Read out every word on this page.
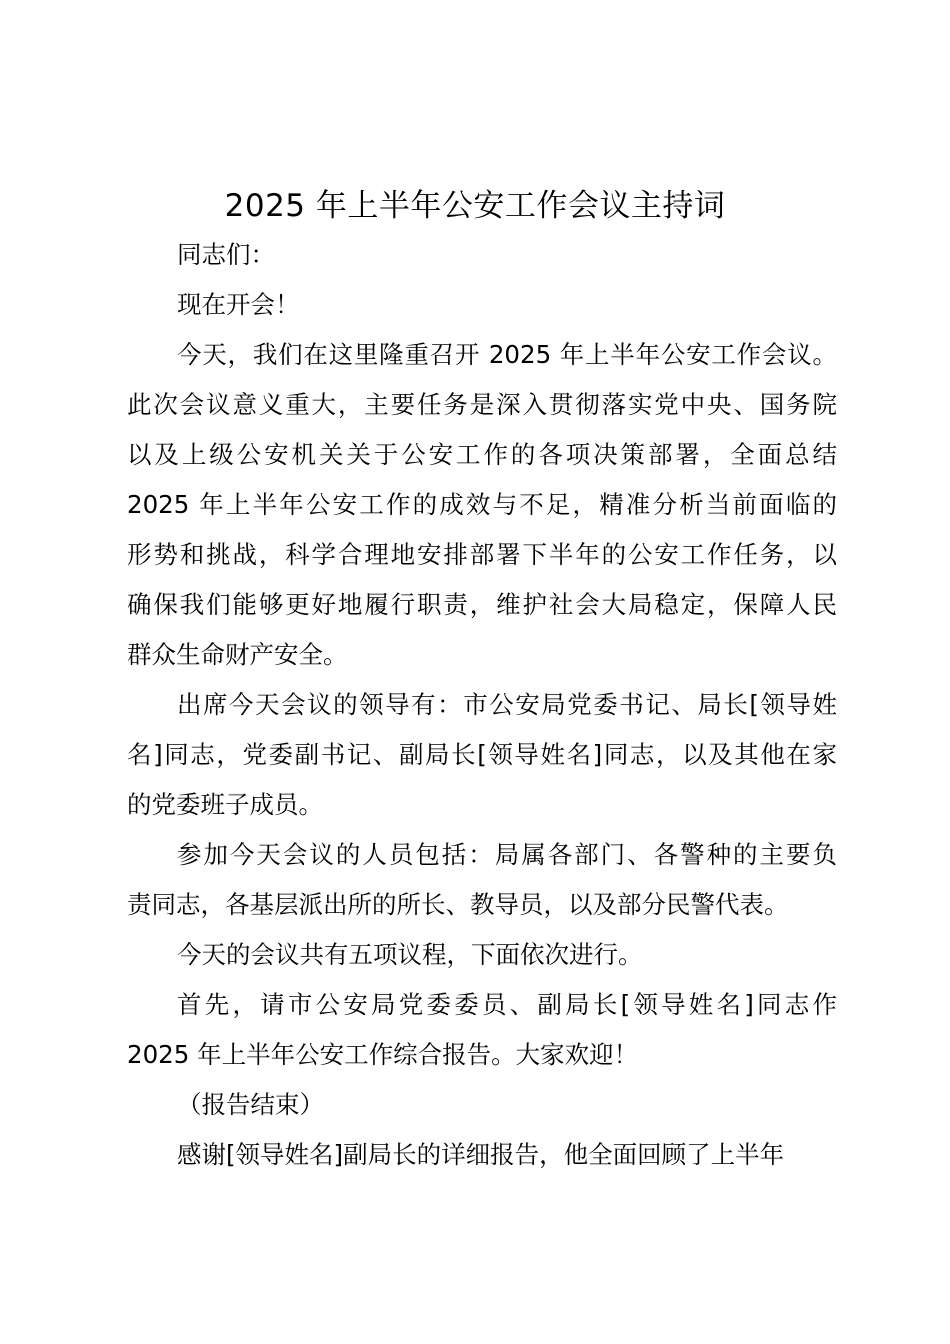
2025 年上半年公安工作会议主持词
同志们：
现在开会！
今天，我们在这里隆重召开 2025 年上半年公安工作会议。
此次会议意义重大，主要任务是深入贯彻落实党中央、国务院
以及上级公安机关关于公安工作的各项决策部署，全面总结
2025 年上半年公安工作的成效与不足，精准分析当前面临的
形势和挑战，科学合理地安排部署下半年的公安工作任务，以
确保我们能够更好地履行职责，维护社会大局稳定，保障人民
群众生命财产安全。
出席今天会议的领导有：市公安局党委书记、局长[领导姓
名]同志，党委副书记、副局长[领导姓名]同志，以及其他在家
的党委班子成员。
参加今天会议的人员包括：局属各部门、各警种的主要负
责同志，各基层派出所的所长、教导员，以及部分民警代表。
今天的会议共有五项议程，下面依次进行。
首先，请市公安局党委委员、副局长[领导姓名]同志作
2025 年上半年公安工作综合报告。大家欢迎！
（报告结束）
感谢[领导姓名]副局长的详细报告，他全面回顾了上半年
